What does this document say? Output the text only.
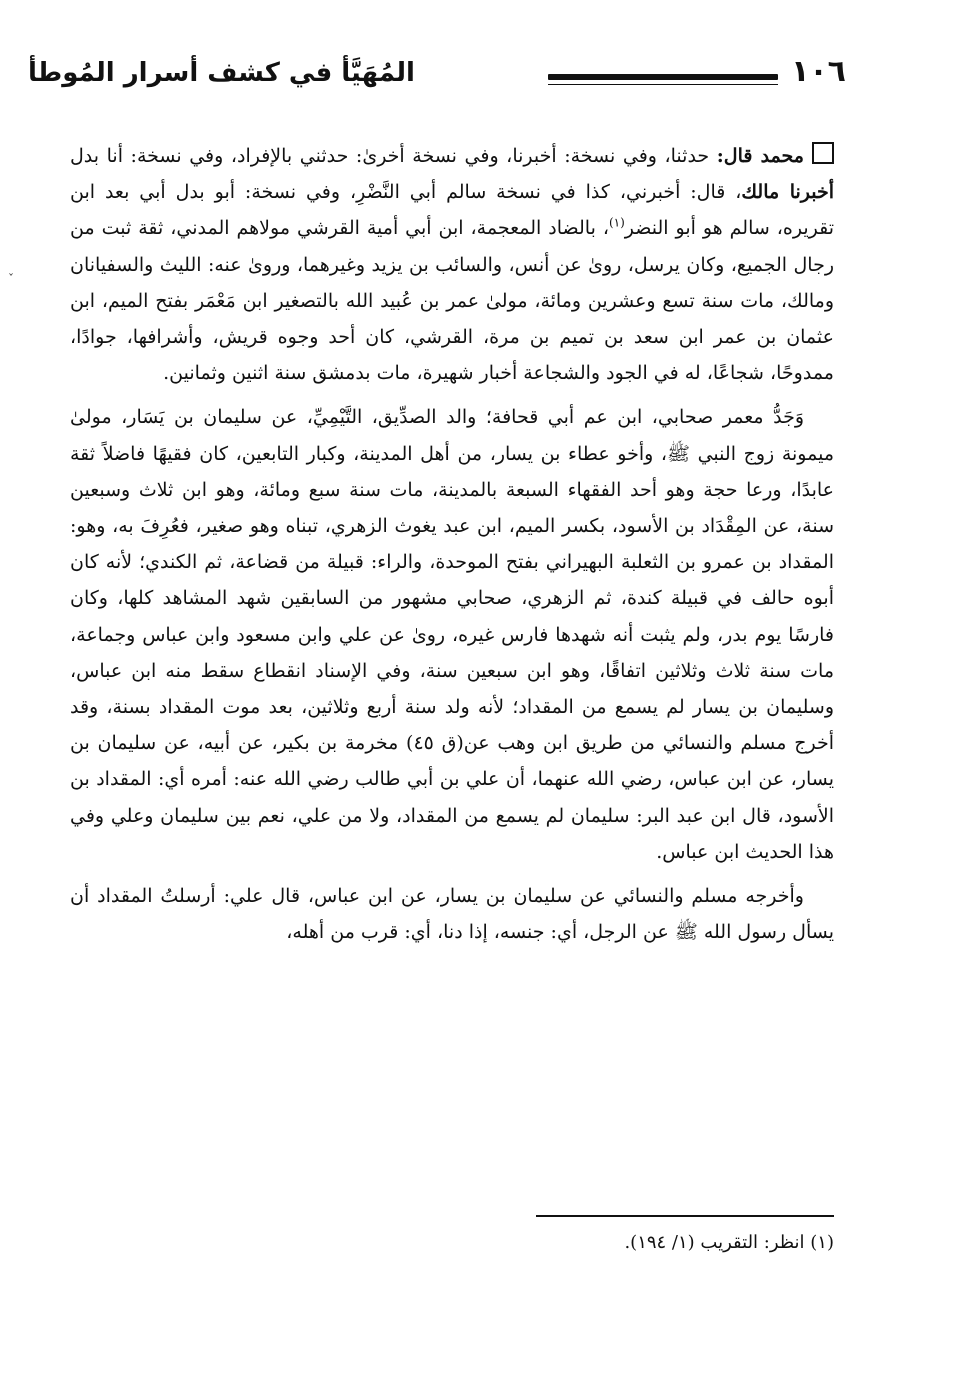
١٠٦
المُهَيَّأ في كشف أسرار المُوطأ
ˇ

محمد قال: حدثنا، وفي نسخة: أخبرنا، وفي نسخة أخرىٰ: حدثني بالإفراد، وفي نسخة: أنا بدل أخبرنا مالك، قال: أخبرني، كذا في نسخة سالم أبي النَّضْرِ، وفي نسخة: أبو بدل أبي بعد ابن تقريره، سالم هو أبو النضر$^{(١)}$، بالضاد المعجمة، ابن أبي أمية القرشي مولاهم المدني، ثقة ثبت من رجال الجميع، وكان يرسل، روىٰ عن أنس، والسائب بن يزيد وغيرهما، وروىٰ عنه: الليث والسفيانان ومالك، مات سنة تسع وعشرين ومائة، مولىٰ عمر بن عُبيد الله بالتصغير ابن مَعْمَر بفتح الميم، ابن عثمان بن عمر ابن سعد بن تميم بن مرة، القرشي، كان أحد وجوه قريش، وأشرافها، جوادًا، ممدوحًا، شجاعًا، له في الجود والشجاعة أخبار شهيرة، مات بدمشق سنة اثنين وثمانين.

وَجَدُّ معمر صحابي، ابن عم أبي قحافة؛ والد الصدِّيق، التَّيْمِيِّ، عن سليمان بن يَسَار، مولىٰ ميمونة زوج النبي ﷺ، وأخو عطاء بن يسار، من أهل المدينة، وكبار التابعين، كان فقيهًا فاضلاً ثقة عابدًا، ورعا حجة وهو أحد الفقهاء السبعة بالمدينة، مات سنة سبع ومائة، وهو ابن ثلاث وسبعين سنة، عن المِقْدَاد بن الأسود، بكسر الميم، ابن عبد يغوث الزهري، تبناه وهو صغير، فعُرِفَ به، وهو: المقداد بن عمرو بن الثعلبة البهيراني بفتح الموحدة، والراء: قبيلة من قضاعة، ثم الكندي؛ لأنه كان أبوه حالف في قبيلة كندة، ثم الزهري، صحابي مشهور من السابقين شهد المشاهد كلها، وكان فارسًا يوم بدر، ولم يثبت أنه شهدها فارس غيره، روىٰ عن علي وابن مسعود وابن عباس وجماعة، مات سنة ثلاث وثلاثين اتفاقًا، وهو ابن سبعين سنة، وفي الإسناد انقطاع سقط منه ابن عباس، وسليمان بن يسار لم يسمع من المقداد؛ لأنه ولد سنة أربع وثلاثين، بعد موت المقداد بسنة، وقد أخرج مسلم والنسائي من طريق ابن وهب عن(ق ٤٥) مخرمة بن بكير، عن أبيه، عن سليمان بن يسار، عن ابن عباس، رضي الله عنهما، أن علي بن أبي طالب رضي الله عنه: أمره أي: المقداد بن الأسود، قال ابن عبد البر: سليمان لم يسمع من المقداد، ولا من علي، نعم بين سليمان وعلي وفي هذا الحديث ابن عباس.

وأخرجه مسلم والنسائي عن سليمان بن يسار، عن ابن عباس، قال علي: أرسلتُ المقداد أن يسأل رسول الله ﷺ عن الرجل، أي: جنسه، إذا دنا، أي: قرب من أهله،

(١) انظر: التقريب (١/ ١٩٤).
